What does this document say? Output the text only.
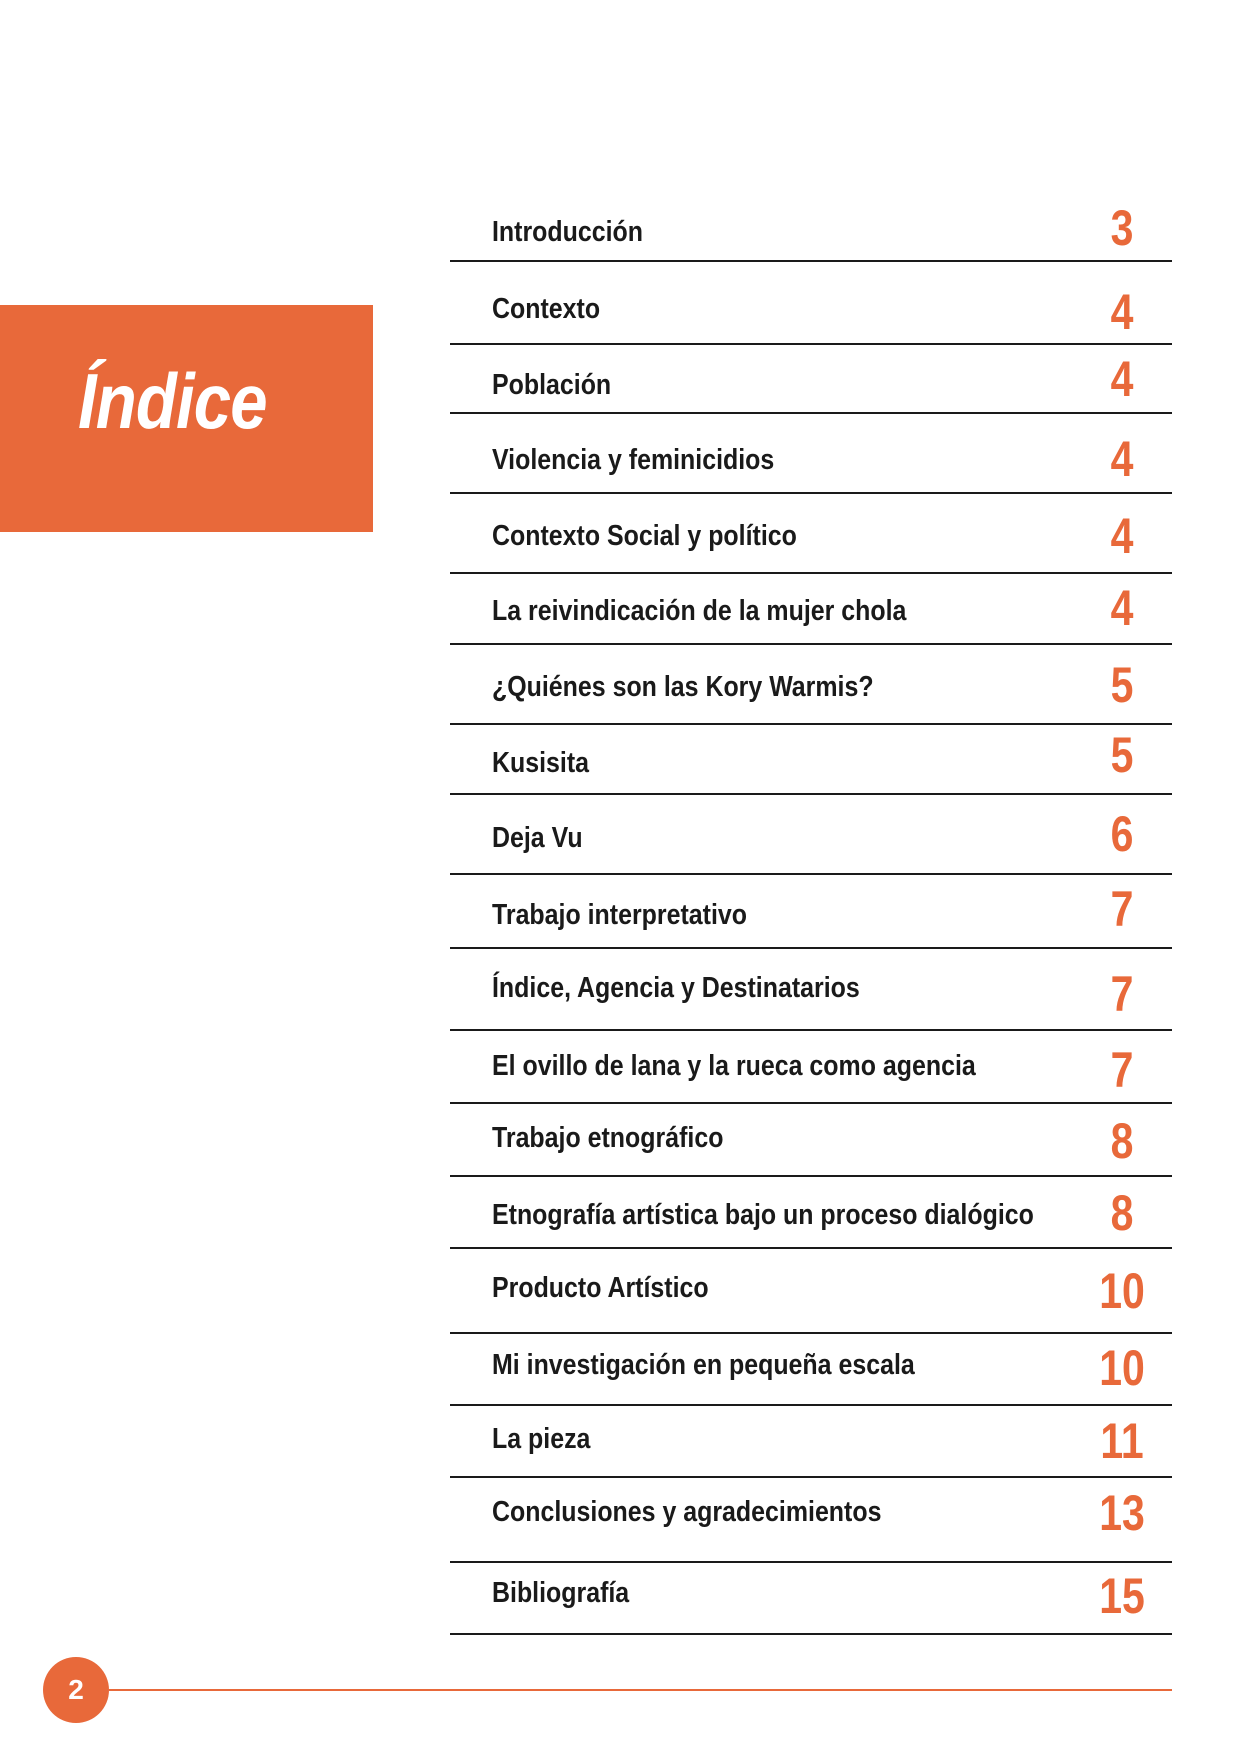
Índice
Introducción	3
Contexto	4
Población	4
Violencia y feminicidios	4
Contexto Social y político	4
La reivindicación de la mujer chola	4
¿Quiénes son las Kory Warmis?	5
Kusisita	5
Deja Vu	6
Trabajo interpretativo	7
Índice, Agencia y Destinatarios	7
El ovillo de lana y la rueca como agencia	7
Trabajo etnográfico	8
Etnografía artística bajo un proceso dialógico	8
Producto Artístico	10
Mi investigación en pequeña escala	10
La pieza	11
Conclusiones y agradecimientos	13
Bibliografía	15
2
